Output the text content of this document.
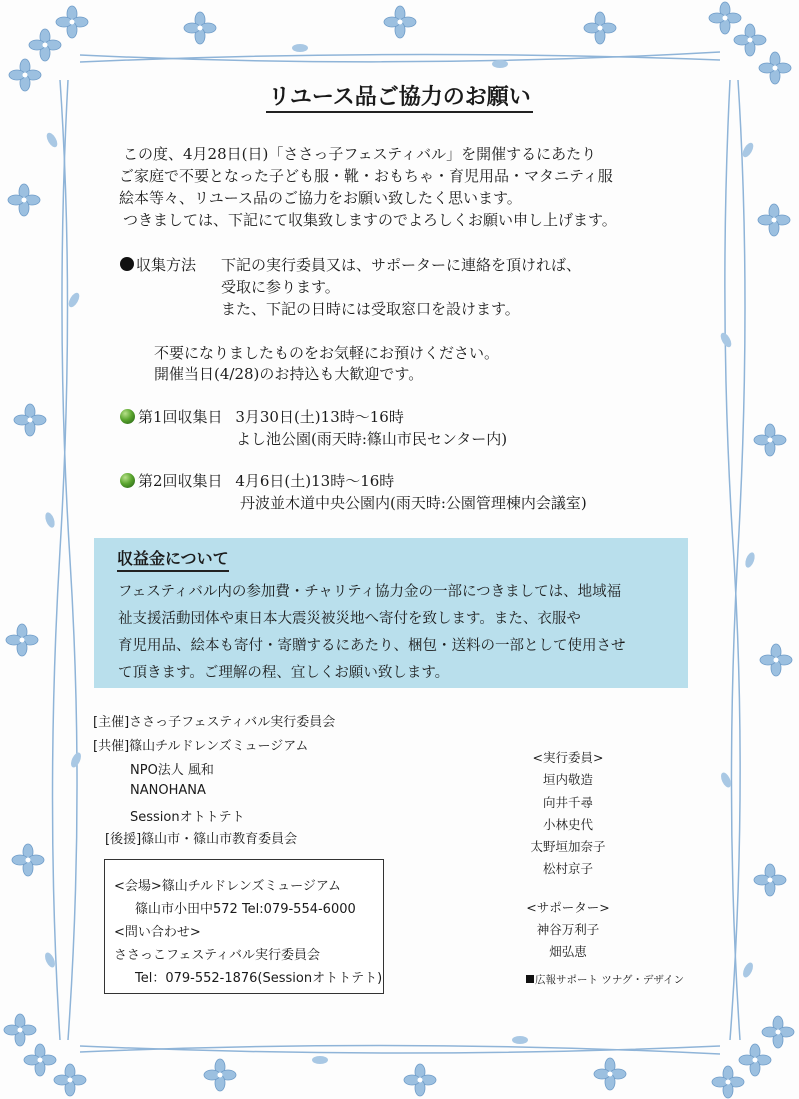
リユース品ご協力のお願い
この度、4月28日(日)「ささっ子フェスティバル」を開催するにあたり
ご家庭で不要となった子ども服・靴・おもちゃ・育児用品・マタニティ服
絵本等々、リユース品のご協力をお願い致したく思います。
つきましては、下記にて収集致しますのでよろしくお願い申し上げます。
収集方法 下記の実行委員又は、サポーターに連絡を頂ければ、
受取に参ります。
また、下記の日時には受取窓口を設けます。
不要になりましたものをお気軽にお預けください。
開催当日(4/28)のお持込も大歓迎です。
第1回収集日 3月30日(土)13時～16時
よし池公園(雨天時:篠山市民センター内)
第2回収集日 4月6日(土)13時～16時
丹波並木道中央公園内(雨天時:公園管理棟内会議室)
収益金について
フェスティバル内の参加費・チャリティ協力金の一部につきましては、地域福
祉支援活動団体や東日本大震災被災地へ寄付を致します。また、衣服や
育児用品、絵本も寄付・寄贈するにあたり、梱包・送料の一部として使用させ
て頂きます。ご理解の程、宜しくお願い致します。
[主催]ささっ子フェスティバル実行委員会
[共催]篠山チルドレンズミュージアム
NPO法人 風和
NANOHANA
Sessionオトトテト
[後援]篠山市・篠山市教育委員会
<会場>篠山チルドレンズミュージアム
篠山市小田中572 Tel:079-554-6000
<問い合わせ>
ささっこフェスティバル実行委員会
Tel：079-552-1876(Sessionオトトテト)
<実行委員>
垣内敬造
向井千尋
小林史代
太野垣加奈子
松村京子
<サポーター>
神谷万利子
畑弘恵
広報サポート ツナグ・デザイン
